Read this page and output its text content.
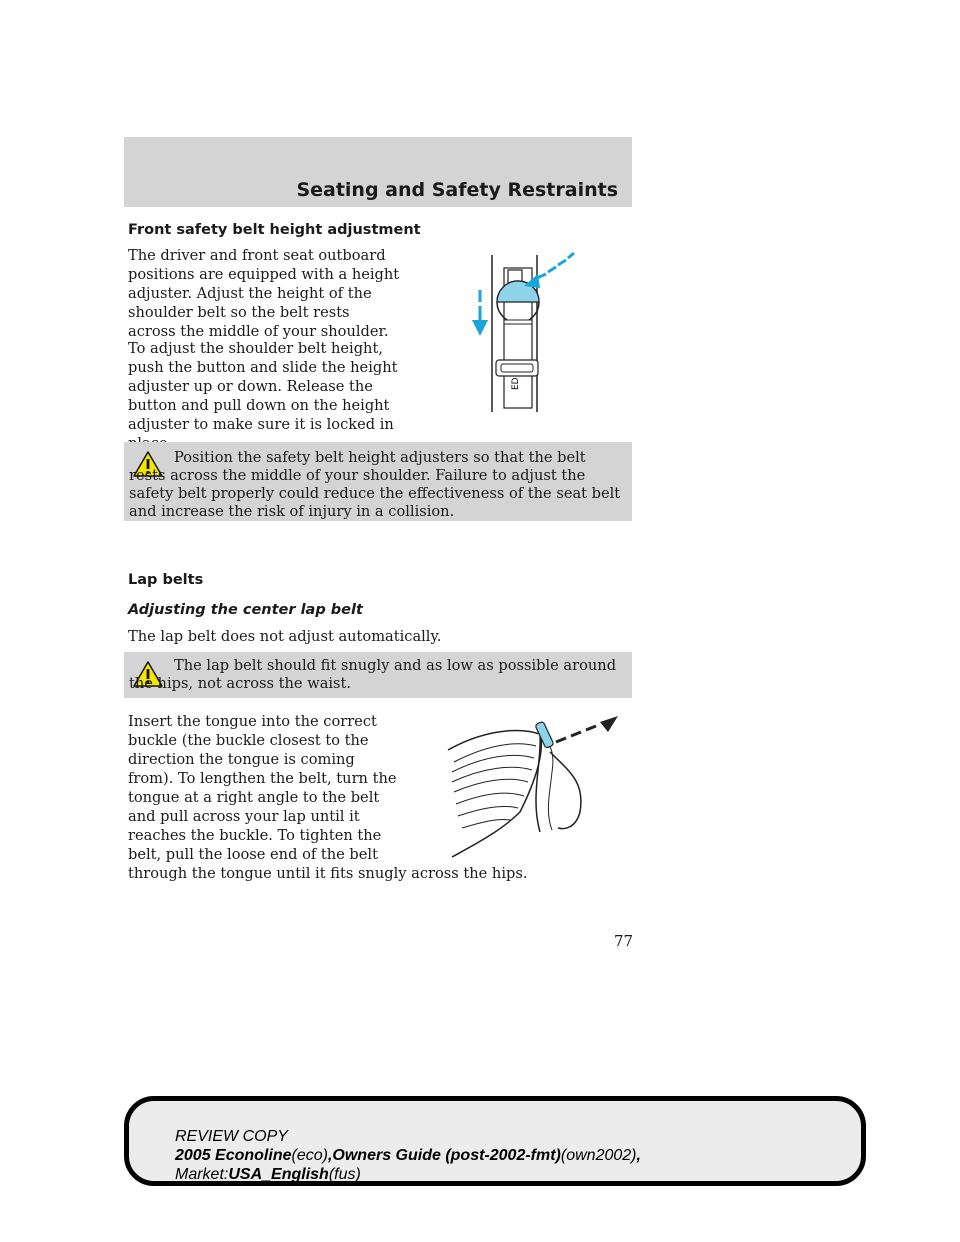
Seating and Safety Restraints
Front safety belt height adjustment
The driver and front seat outboard
positions are equipped with a height
adjuster. Adjust the height of the
shoulder belt so the belt rests
across the middle of your shoulder.
To adjust the shoulder belt height,
push the button and slide the height
adjuster up or down. Release the
button and pull down on the height
adjuster to make sure it is locked in
ED
Position the safety belt height adjusters so that the belt rests across the middle of your shoulder. Failure to adjust the safety belt properly could reduce the effectiveness of the seat belt and increase the risk of injury in a collision.
Lap belts
Adjusting the center lap belt
The lap belt does not adjust automatically.
The lap belt should fit snugly and as low as possible around the hips, not across the waist.
Insert the tongue into the correct
buckle (the buckle closest to the
direction the tongue is coming
from). To lengthen the belt, turn the
tongue at a right angle to the belt
and pull across your lap until it
reaches the buckle. To tighten the
belt, pull the loose end of the belt
through the tongue until it fits snugly across the hips.
77
REVIEW COPY
2005 Econoline(eco),Owners Guide (post-2002-fmt)(own2002),
Market:USA_English(fus)
